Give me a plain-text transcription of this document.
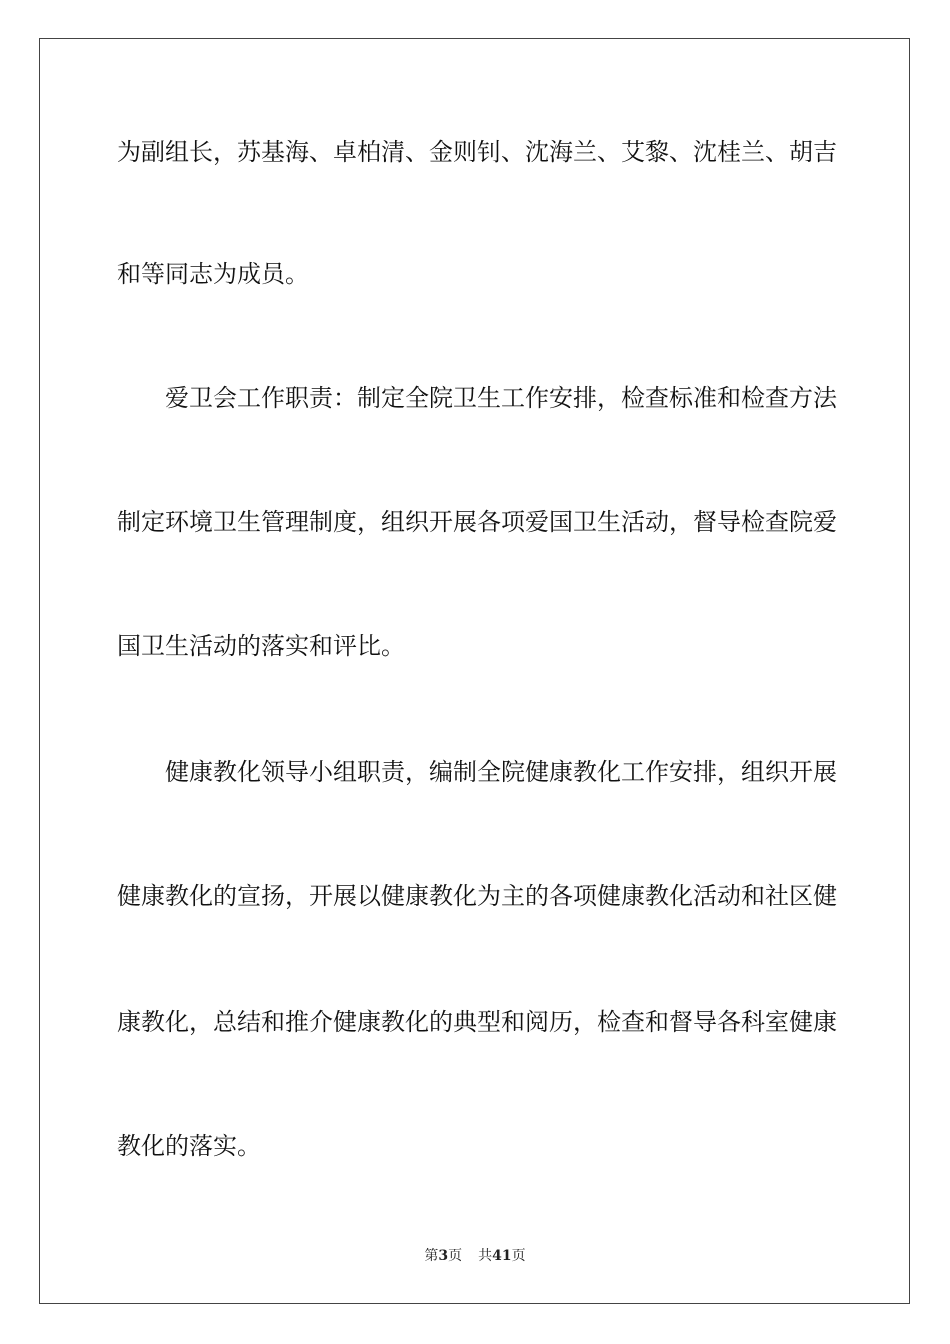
为副组长，苏基海、卓柏清、金则钊、沈海兰、艾黎、沈桂兰、胡吉
和等同志为成员。
爱卫会工作职责：制定全院卫生工作安排，检查标准和检查方法
制定环境卫生管理制度，组织开展各项爱国卫生活动，督导检查院爱
国卫生活动的落实和评比。
健康教化领导小组职责，编制全院健康教化工作安排，组织开展
健康教化的宣扬，开展以健康教化为主的各项健康教化活动和社区健
康教化，总结和推介健康教化的典型和阅历，检查和督导各科室健康
教化的落实。
第3页 共41页
